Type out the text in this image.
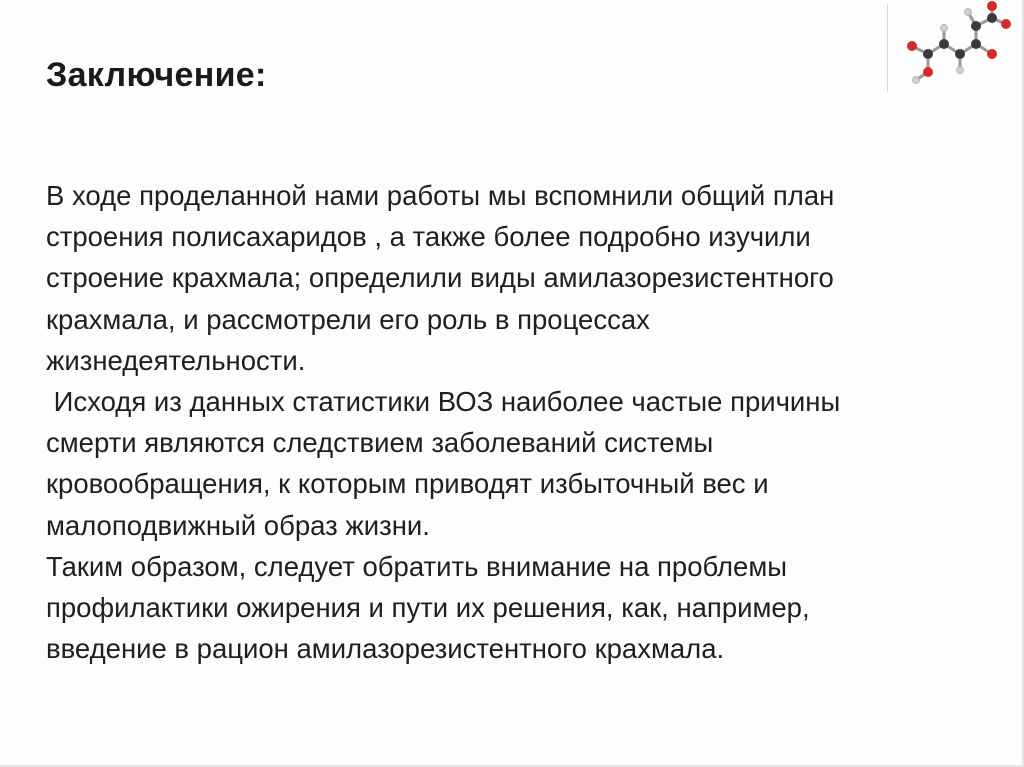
Заключение:
В ходе проделанной нами работы мы вспомнили общий план
строения полисахаридов , а также более подробно изучили
строение крахмала; определили виды амилазорезистентного
крахмала, и рассмотрели его роль в процессах
жизнедеятельности.
Исходя из данных статистики ВОЗ наиболее частые причины
смерти являются следствием заболеваний системы
кровообращения, к которым приводят избыточный вес и
малоподвижный образ жизни.
Таким образом, следует обратить внимание на проблемы
профилактики ожирения и пути их решения, как, например,
введение в рацион амилазорезистентного крахмала.
